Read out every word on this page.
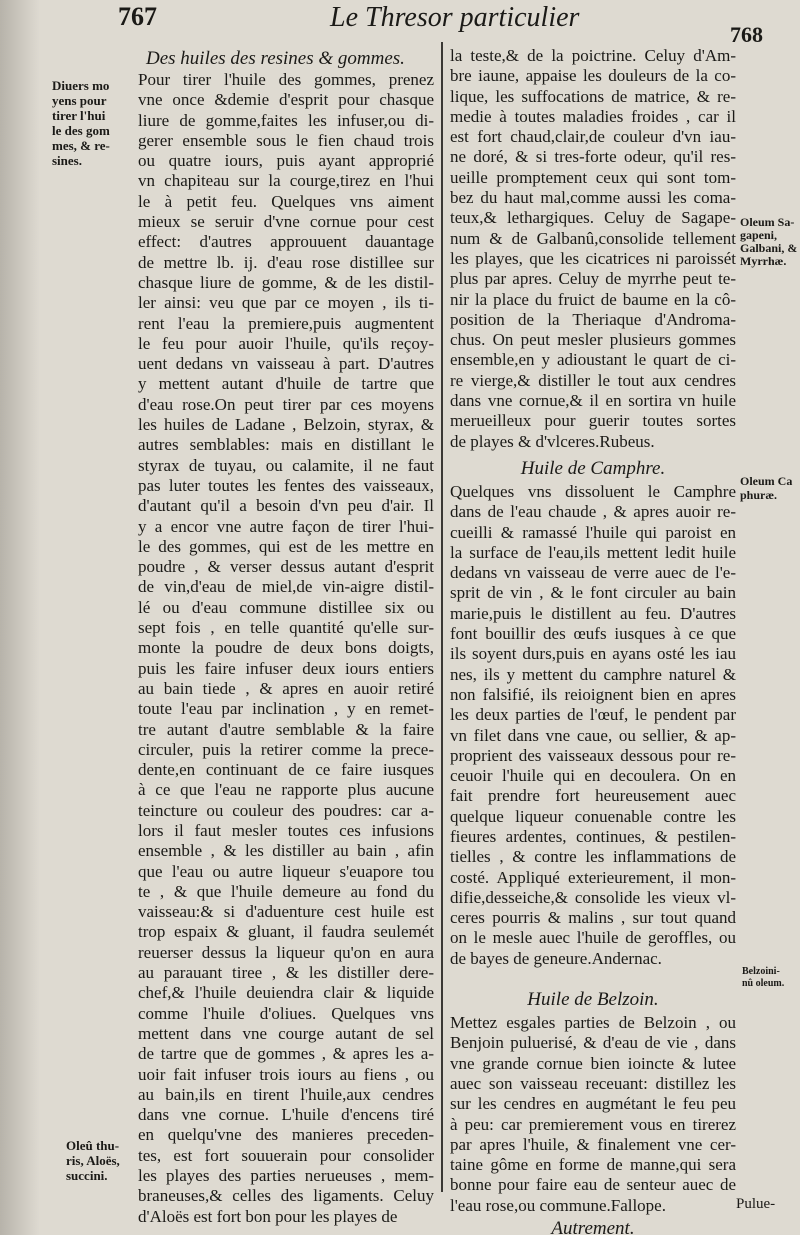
767	Le Thresor particulier
768

Des huiles des resines & gommes.

Pour tirer l'huile des gommes, prenez
vne once &demie d'esprit pour chasque
liure de gomme,faites les infuser,ou di-
gerer ensemble sous le fien chaud trois
ou quatre iours, puis ayant approprié
vn chapiteau sur la courge,tirez en l'hui
le à petit feu. Quelques vns aiment
mieux se seruir d'vne cornue pour cest
effect: d'autres approuuent dauantage
de mettre lb. ij. d'eau rose distillee sur
chasque liure de gomme, & de les distil-
ler ainsi: veu que par ce moyen , ils ti-
rent l'eau la premiere,puis augmentent
le feu pour auoir l'huile, qu'ils reçoy-
uent dedans vn vaisseau à part. D'autres
y mettent autant d'huile de tartre que
d'eau rose.On peut tirer par ces moyens
les huiles de Ladane , Belzoin, styrax, &
autres semblables: mais en distillant le
styrax de tuyau, ou calamite, il ne faut
pas luter toutes les fentes des vaisseaux,
d'autant qu'il a besoin d'vn peu d'air. Il
y a encor vne autre façon de tirer l'hui-
le des gommes, qui est de les mettre en
poudre , & verser dessus autant d'esprit
de vin,d'eau de miel,de vin-aigre distil-
lé ou d'eau commune distillee six ou
sept fois , en telle quantité qu'elle sur-
monte la poudre de deux bons doigts,
puis les faire infuser deux iours entiers
au bain tiede , & apres en auoir retiré
toute l'eau par inclination , y en remet-
tre autant d'autre semblable & la faire
circuler, puis la retirer comme la prece-
dente,en continuant de ce faire iusques
à ce que l'eau ne rapporte plus aucune
teincture ou couleur des poudres: car a-
lors il faut mesler toutes ces infusions
ensemble , & les distiller au bain , afin
que l'eau ou autre liqueur s'euapore tou
te , & que l'huile demeure au fond du
vaisseau:& si d'aduenture cest huile est
trop espaix & gluant, il faudra seulemét
reuerser dessus la liqueur qu'on en aura
au parauant tiree , & les distiller dere-
chef,& l'huile deuiendra clair & liquide
comme l'huile d'oliues. Quelques vns
mettent dans vne courge autant de sel
de tartre que de gommes , & apres les a-
uoir fait infuser trois iours au fiens , ou
au bain,ils en tirent l'huile,aux cendres
dans vne cornue. L'huile d'encens tiré
en quelqu'vne des manieres preceden-
tes, est fort souuerain pour consolider
les playes des parties nerueuses , mem-
braneuses,& celles des ligaments. Celuy
d'Aloës est fort bon pour les playes de
la teste,& de la poictrine. Celuy d'Am-
bre iaune, appaise les douleurs de la co-
lique, les suffocations de matrice, & re-
medie à toutes maladies froides , car il
est fort chaud,clair,de couleur d'vn iau-
ne doré, & si tres-forte odeur, qu'il res-
ueille promptement ceux qui sont tom-
bez du haut mal,comme aussi les coma-
teux,& lethargiques. Celuy de Sagape-
num & de Galbanû,consolide tellement
les playes, que les cicatrices ni paroissét
plus par apres. Celuy de myrrhe peut te-
nir la place du fruict de baume en la cô-
position de la Theriaque d'Androma-
chus. On peut mesler plusieurs gommes
ensemble,en y adioustant le quart de ci-
re vierge,& distiller le tout aux cendres
dans vne cornue,& il en sortira vn huile
merueilleux pour guerir toutes sortes
de playes & d'vlceres.Rubeus.

Huile de Camphre.

Quelques vns dissoluent le Camphre
dans de l'eau chaude , & apres auoir re-
cueilli & ramassé l'huile qui paroist en
la surface de l'eau,ils mettent ledit huile
dedans vn vaisseau de verre auec de l'e-
sprit de vin , & le font circuler au bain
marie,puis le distillent au feu. D'autres
font bouillir des œufs iusques à ce que
ils soyent durs,puis en ayans osté les iau
nes, ils y mettent du camphre naturel &
non falsifié, ils reioignent bien en apres
les deux parties de l'œuf, le pendent par
vn filet dans vne caue, ou sellier, & ap-
proprient des vaisseaux dessous pour re-
ceuoir l'huile qui en decoulera. On en
fait prendre fort heureusement auec
quelque liqueur conuenable contre les
fieures ardentes, continues, & pestilen-
tielles , & contre les inflammations de
costé. Appliqué exterieurement, il mon-
difie,desseiche,& consolide les vieux vl-
ceres pourris & malins , sur tout quand
on le mesle auec l'huile de geroffles, ou
de bayes de geneure.Andernac.

Huile de Belzoin.

Mettez esgales parties de Belzoin , ou
Benjoin puluerisé, & d'eau de vie , dans
vne grande cornue bien ioincte & lutee
auec son vaisseau receuant: distillez les
sur les cendres en augmétant le feu peu
à peu: car premierement vous en tirerez
par apres l'huile, & finalement vne cer-
taine gôme en forme de manne,qui sera
bonne pour faire eau de senteur auec de
l'eau rose,ou commune.Fallope.

Autrement.

Diuers mo
yens pour
tirer l'hui
le des gom
mes, & re-
sines.
Oleum Sa-
gapeni,
Galbani, &
Myrrhæ.
Oleum Ca
phuræ.
Belzoini-
nû oleum.
Oleû thu-
ris, Aloës,
succini.
Pulue-
